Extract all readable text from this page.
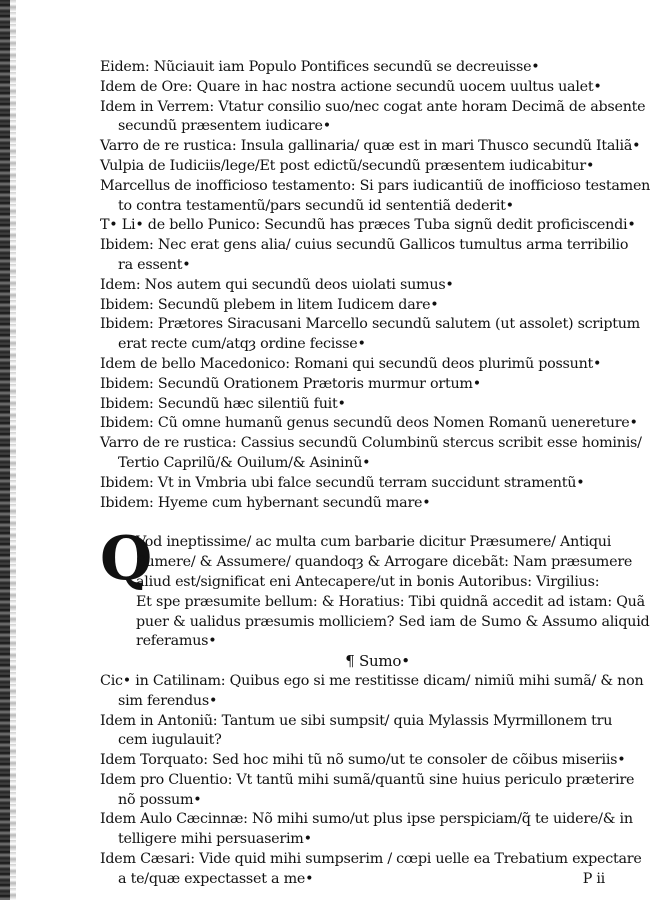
Eidem: Nũciauit iam Populo Pontifices secundũ se decreuisse•
Idem de Ore: Quare in hac nostra actione secundũ uocem uultus ualet•
Idem in Verrem: Vtatur consilio suo/nec cogat ante horam Decimã de absente
secundũ præsentem iudicare•
Varro de re rustica: Insula gallinaria/ quæ est in mari Thusco secundũ Italiã•
Vulpia de Iudiciis/lege/Et post edictũ/secundũ præsentem iudicabitur•
Marcellus de inofficioso testamento: Si pars iudicantiũ de inofficioso testamen
to contra testamentũ/pars secundũ id sententiã dederit•
T• Li• de bello Punico: Secundũ has præces Tuba signũ dedit proficiscendi•
Ibidem: Nec erat gens alia/ cuius secundũ Gallicos tumultus arma terribilio
ra essent•
Idem: Nos autem qui secundũ deos uiolati sumus•
Ibidem: Secundũ plebem in litem Iudicem dare•
Ibidem: Prætores Siracusani Marcello secundũ salutem (ut assolet) scriptum
erat recte cum/atqȝ ordine fecisse•
Idem de bello Macedonico: Romani qui secundũ deos plurimũ possunt•
Ibidem: Secundũ Orationem Prætoris murmur ortum•
Ibidem: Secundũ hæc silentiũ fuit•
Ibidem: Cũ omne humanũ genus secundũ deos Nomen Romanũ uenereture•
Varro de re rustica: Cassius secundũ Columbinũ stercus scribit esse hominis/
Tertio Caprilũ/& Ouilum/& Asininũ•
Ibidem: Vt in Vmbria ubi falce secundũ terram succidunt stramentũ•
Ibidem: Hyeme cum hybernant secundũ mare•
Q
Vod ineptissime/ ac multa cum barbarie dicitur Præsumere/ Antiqui
Sumere/ & Assumere/ quandoqȝ & Arrogare dicebãt: Nam præsumere
aliud est/significat eni Antecapere/ut in bonis Autoribus: Virgilius:
Et spe præsumite bellum: & Horatius: Tibi quidnã accedit ad istam: Quã
puer & ualidus præsumis molliciem? Sed iam de Sumo & Assumo aliquid
referamus•
¶ Sumo•
Cic• in Catilinam: Quibus ego si me restitisse dicam/ nimiũ mihi sumã/ & non
sim ferendus•
Idem in Antoniũ: Tantum ue sibi sumpsit/ quia Mylassis Myrmillonem tru
cem iugulauit?
Idem Torquato: Sed hoc mihi tũ nõ sumo/ut te consoler de cõibus miseriis•
Idem pro Cluentio: Vt tantũ mihi sumã/quantũ sine huius periculo præterire
nõ possum•
Idem Aulo Cæcinnæ: Nõ mihi sumo/ut plus ipse perspiciam/q̃ te uidere/& in
telligere mihi persuaserim•
Idem Cæsari: Vide quid mihi sumpserim / cœpi uelle ea Trebatium expectare
a te/quæ expectasset a me•	P ii
